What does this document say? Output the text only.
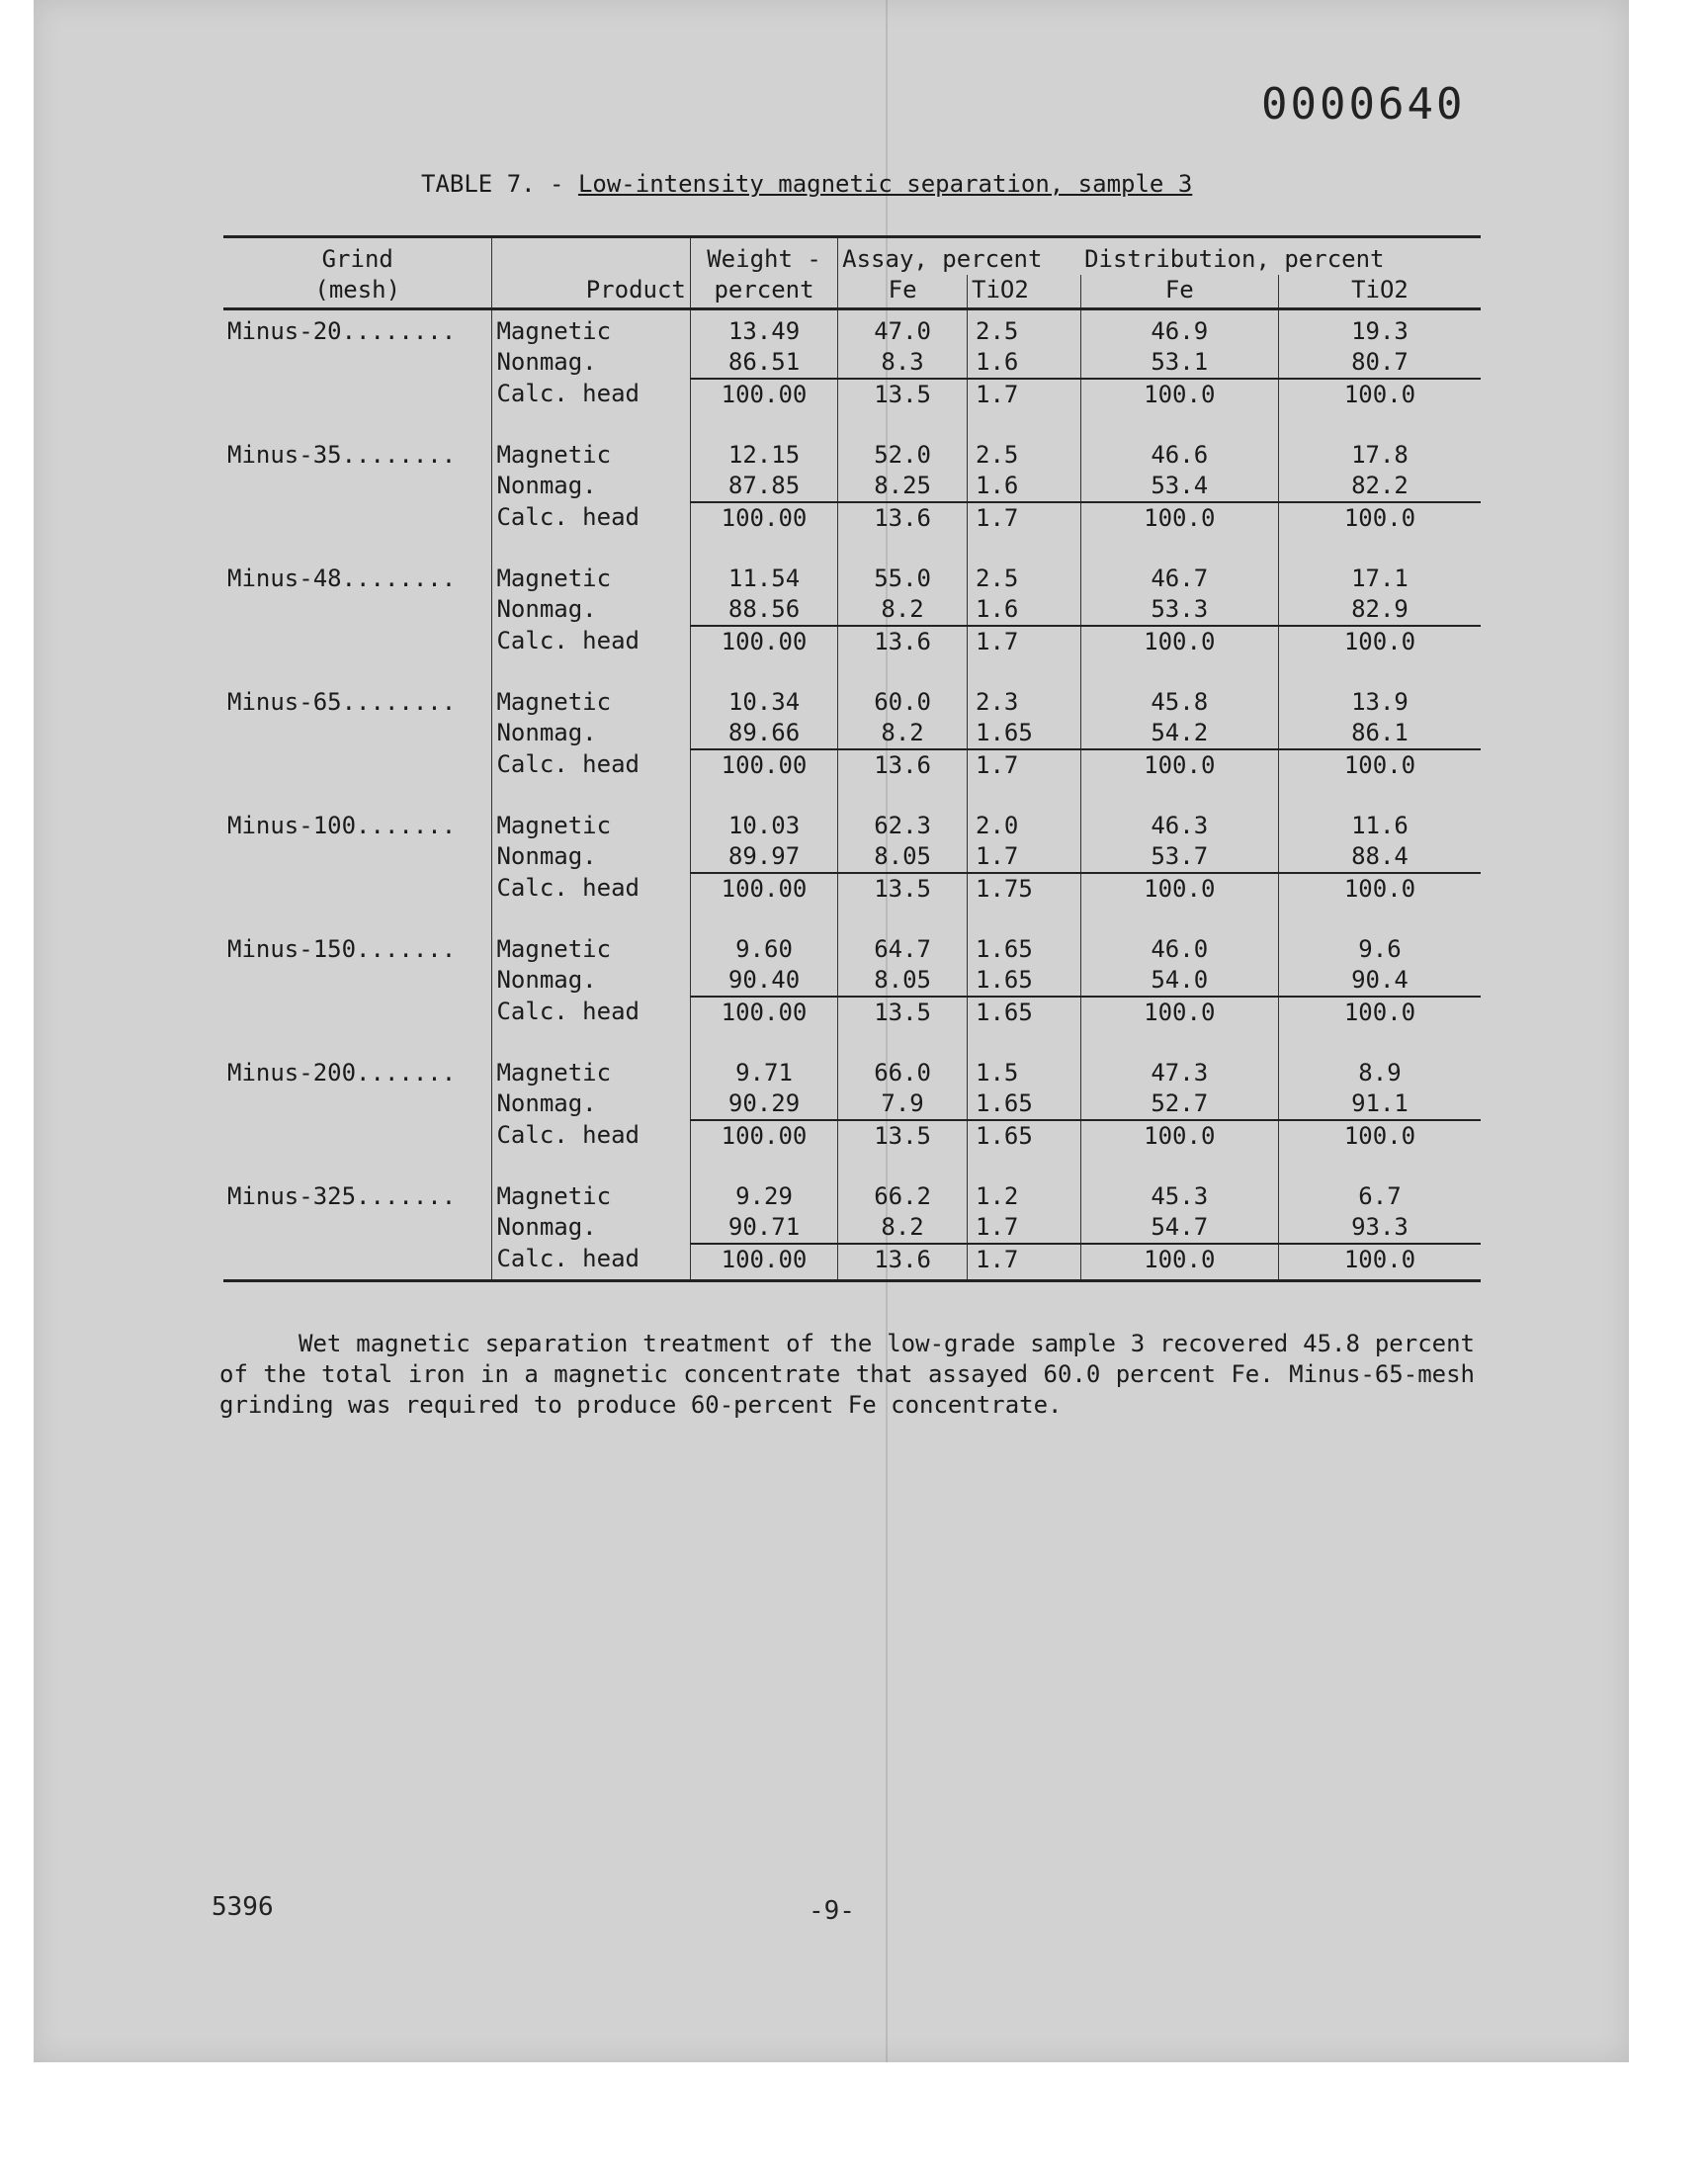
0000640
TABLE 7. - Low-intensity magnetic separation, sample 3
Grind		Weight -	Assay, percent		Distribution, percent	
(mesh)	Product	percent	Fe	TiO2	Fe	TiO2
Minus-20........	Magnetic	13.49	47.0	2.5	46.9	19.3
	Nonmag.	86.51	8.3	1.6	53.1	80.7
	Calc. head	100.00	13.5	1.7	100.0	100.0
Minus-35........	Magnetic	12.15	52.0	2.5	46.6	17.8
	Nonmag.	87.85	8.25	1.6	53.4	82.2
	Calc. head	100.00	13.6	1.7	100.0	100.0
Minus-48........	Magnetic	11.54	55.0	2.5	46.7	17.1
	Nonmag.	88.56	8.2	1.6	53.3	82.9
	Calc. head	100.00	13.6	1.7	100.0	100.0
Minus-65........	Magnetic	10.34	60.0	2.3	45.8	13.9
	Nonmag.	89.66	8.2	1.65	54.2	86.1
	Calc. head	100.00	13.6	1.7	100.0	100.0
Minus-100.......	Magnetic	10.03	62.3	2.0	46.3	11.6
	Nonmag.	89.97	8.05	1.7	53.7	88.4
	Calc. head	100.00	13.5	1.75	100.0	100.0
Minus-150.......	Magnetic	9.60	64.7	1.65	46.0	9.6
	Nonmag.	90.40	8.05	1.65	54.0	90.4
	Calc. head	100.00	13.5	1.65	100.0	100.0
Minus-200.......	Magnetic	9.71	66.0	1.5	47.3	8.9
	Nonmag.	90.29	7.9	1.65	52.7	91.1
	Calc. head	100.00	13.5	1.65	100.0	100.0
Minus-325.......	Magnetic	9.29	66.2	1.2	45.3	6.7
	Nonmag.	90.71	8.2	1.7	54.7	93.3
	Calc. head	100.00	13.6	1.7	100.0	100.0
Wet magnetic separation treatment of the low-grade sample 3 recovered 45.8 percent of the total iron in a magnetic concentrate that assayed 60.0 percent Fe. Minus-65-mesh grinding was required to produce 60-percent Fe concentrate.
5396	-9-
